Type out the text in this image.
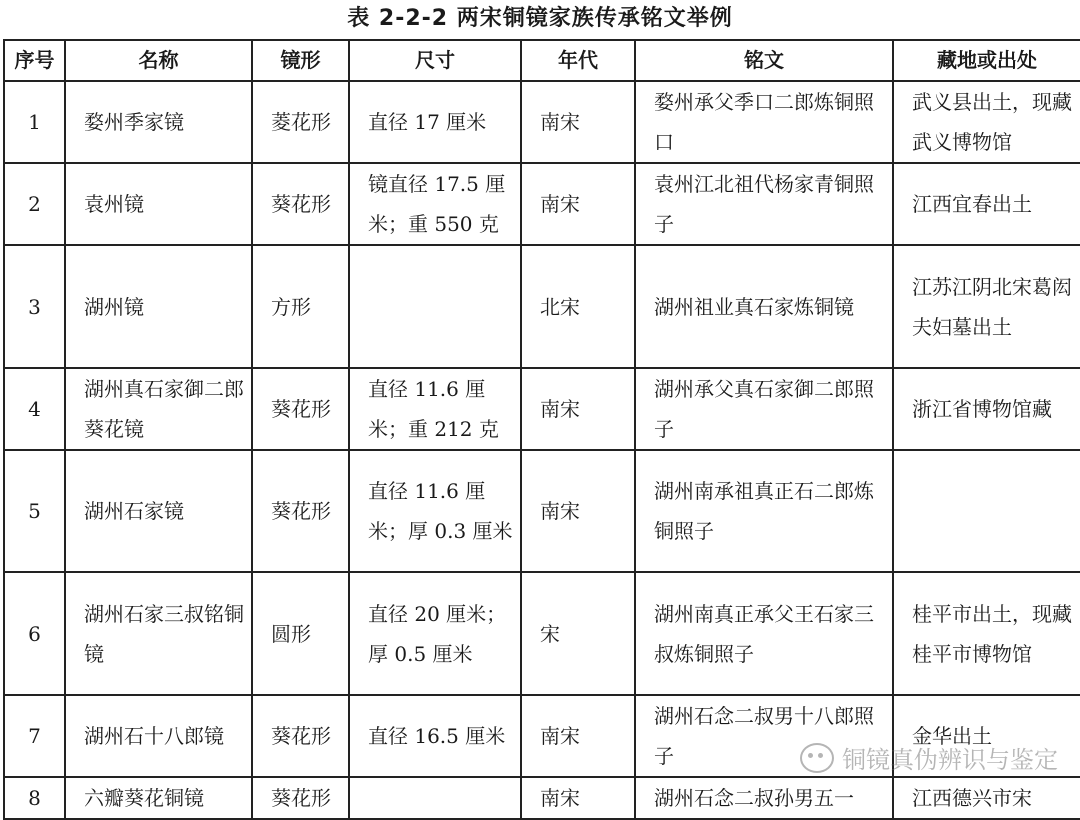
表 2-2-2 两宋铜镜家族传承铭文举例
序号	名称	镜形	尺寸	年代	铭文	藏地或出处
1	婺州季家镜	菱花形	直径 17 厘米	南宋	婺州承父季口二郎炼铜照口	武义县出土，现藏武义博物馆
2	袁州镜	葵花形	镜直径 17.5 厘米；重 550 克	南宋	袁州江北祖代杨家青铜照子	江西宜春出土
3	湖州镜	方形		北宋	湖州祖业真石家炼铜镜	江苏江阴北宋葛闳夫妇墓出土
4	湖州真石家御二郎葵花镜	葵花形	直径 11.6 厘米；重 212 克	南宋	湖州承父真石家御二郎照子	浙江省博物馆藏
5	湖州石家镜	葵花形	直径 11.6 厘米；厚 0.3 厘米	南宋	湖州南承祖真正石二郎炼铜照子	
6	湖州石家三叔铭铜镜	圆形	直径 20 厘米；厚 0.5 厘米	宋	湖州南真正承父王石家三叔炼铜照子	桂平市出土，现藏桂平市博物馆
7	湖州石十八郎镜	葵花形	直径 16.5 厘米	南宋	湖州石念二叔男十八郎照子	金华出土
8	六瓣葵花铜镜	葵花形		南宋	湖州石念二叔孙男五一	江西德兴市宋
铜镜真伪辨识与鉴定
